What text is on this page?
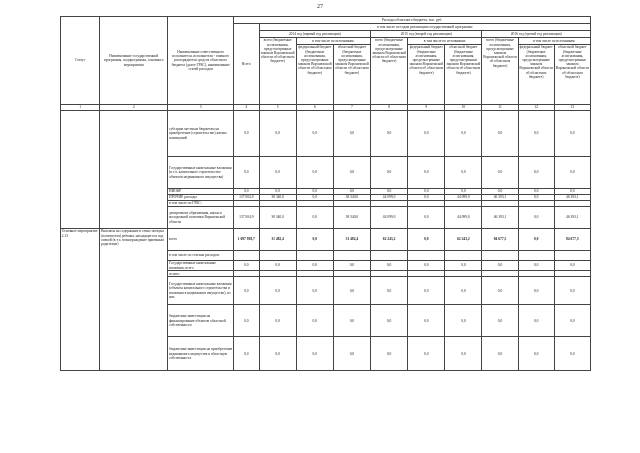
27
Статус	Наименование государственной программы, подпрограммы, основного мероприятия	Наименование ответственного исполнителя, исполнителя - главного распорядителя средств областного бюджета (далее ГРБС), наименование статей расходов	Расходы областного бюджета, тыс. руб.									
			Всего	в том числе по годам реализации государственной программы								
				2014 год (первый год реализации)			2015 год (второй год реализации)			2016 год (третий год реализации)		
				всего (бюджетные ассигнования, предусмотренные законом Воронежской области об областном бюджете)	в том числе по источникам:		всего (бюджетные ассигнования, предусмотренные законом Воронежской области об областном бюджете)	в том числе по источникам:		всего (бюджетные ассигнования, предусмотренные законом Воронежской области об областном бюджете)	в том числе по источникам:	
					федеральный бюджет (бюджетные ассигнования, предусмотренные законом Воронежской области об областном бюджете)	областной бюджет (бюджетные ассигнования, предусмотренные законом Воронежской области об областном бюджете)		федеральный бюджет (бюджетные ассигнования, предусмотренные законом Воронежской области об областном бюджете)	областной бюджет (бюджетные ассигнования, предусмотренные законом Воронежской области об областном бюджете)		федеральный бюджет (бюджетные ассигнования, предусмотренные законом Воронежской области об областном бюджете)	областной бюджет (бюджетные ассигнования, предусмотренные законом Воронежской области об областном бюджете)
1	2	3	4	5	6	7	8	9	10	11	12	13
		субсидии местным бюджетам на приобретение (строительство) жилых помещений	0,0	0,0	0,0	0,0	0,0	0,0	0,0	0,0	0,0	0,0
		Государственные капитальные вложения (в т.ч. капитальное строительство объектов недвижимого имущества)	0,0	0,0	0,0	0,0	0,0	0,0	0,0	0,0	0,0	0,0
		НИОКР	0,0	0,0	0,0	0,0	0,0	0,0	0,0	0,0	0,0	0,0
		ПРОЧИЕ расходы	137 004,9	38 340,0	0,0	38 340,0	44 099,0	0,0	44 099,0	46 393,1	0,0	46 393,1
		в том числе по ГРБС:										
		департамент образования, науки и молодежной политики Воронежской области	137 004,9	38 340,0	0,0	38 340,0	44 099,0	0,0	44 099,0	46 393,1	0,0	46 393,1
Основное мероприятие 2.13	Выплаты на содержание в семье опекуна (попечителя) ребенка, находящегося под опекой (в т.ч. вознаграждение приемным родителям)	всего	1 697 938,7	31 482,4	0,0	31 482,4	62 243,2	0,0	62 243,2	84 677,5	0,0	84 677,5
		в том числе по статьям расходов:										
		Государственные капитальные вложения, всего	0,0	0,0	0,0	0,0	0,0	0,0	0,0	0,0	0,0	0,0
		из них:										
		Государственные капитальные вложения (объекты капитального строительства и вложения в недвижимое имущество), из них	0,0	0,0	0,0	0,0	0,0	0,0	0,0	0,0	0,0	0,0
		бюджетные инвестиции на финансирование объектов областной собственности	0,0	0,0	0,0	0,0	0,0	0,0	0,0	0,0	0,0	0,0
		бюджетные инвестиции на приобретение недвижимого имущества в областную собственность	0,0	0,0	0,0	0,0	0,0	0,0	0,0	0,0	0,0	0,0
